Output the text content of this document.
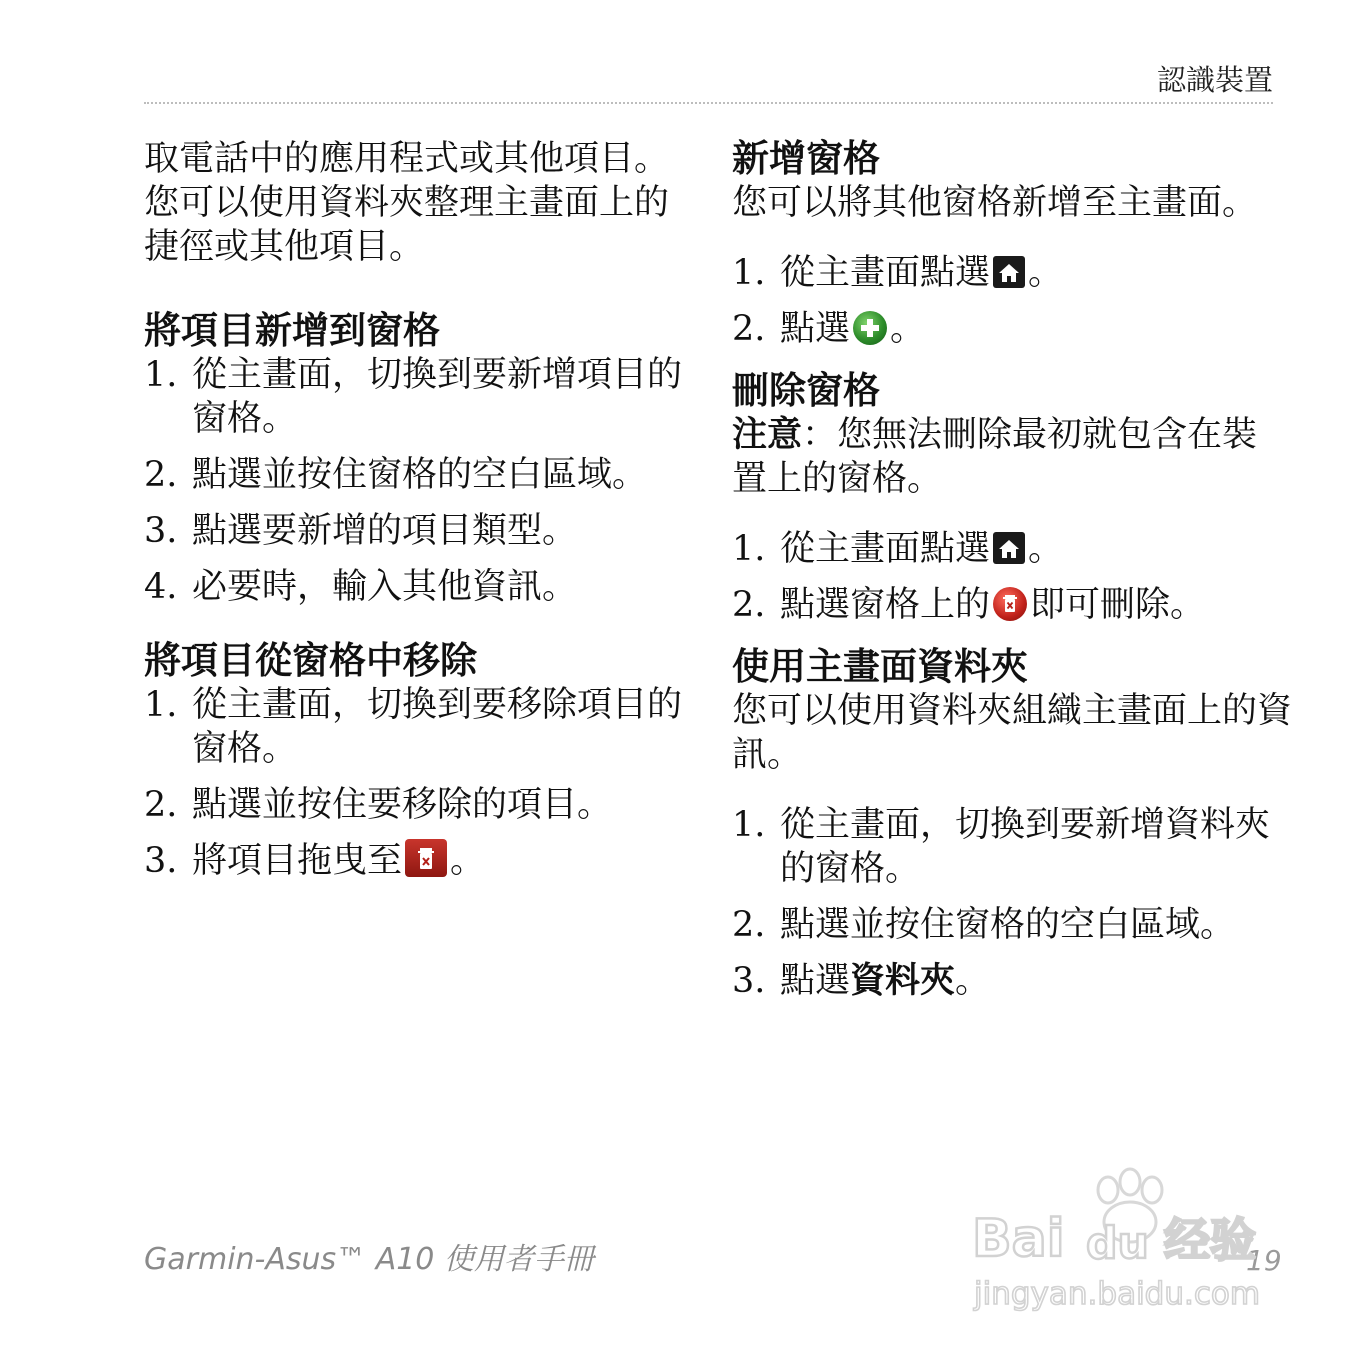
認識裝置

取電話中的應用程式或其他項目。您可以使用資料夾整理主畫面上的捷徑或其他項目。

將項目新增到窗格
1. 從主畫面，切換到要新增項目的窗格。
2. 點選並按住窗格的空白區域。
3. 點選要新增的項目類型。
4. 必要時，輸入其他資訊。
將項目從窗格中移除
1. 從主畫面，切換到要移除項目的窗格。
2. 點選並按住要移除的項目。
3. 將項目拖曳至 。
新增窗格

您可以將其他窗格新增至主畫面。

1. 從主畫面點選 。
2. 點選 。
刪除窗格

注意：您無法刪除最初就包含在裝置上的窗格。

1. 從主畫面點選 。
2. 點選窗格上的 即可刪除。
使用主畫面資料夾

您可以使用資料夾組織主畫面上的資訊。

1. 從主畫面，切換到要新增資料夾的窗格。
2. 點選並按住窗格的空白區域。
3. 點選資料夾。
Garmin-Asus™ A10 使用者手冊	19
Bai du 经验
jingyan.baidu.com
